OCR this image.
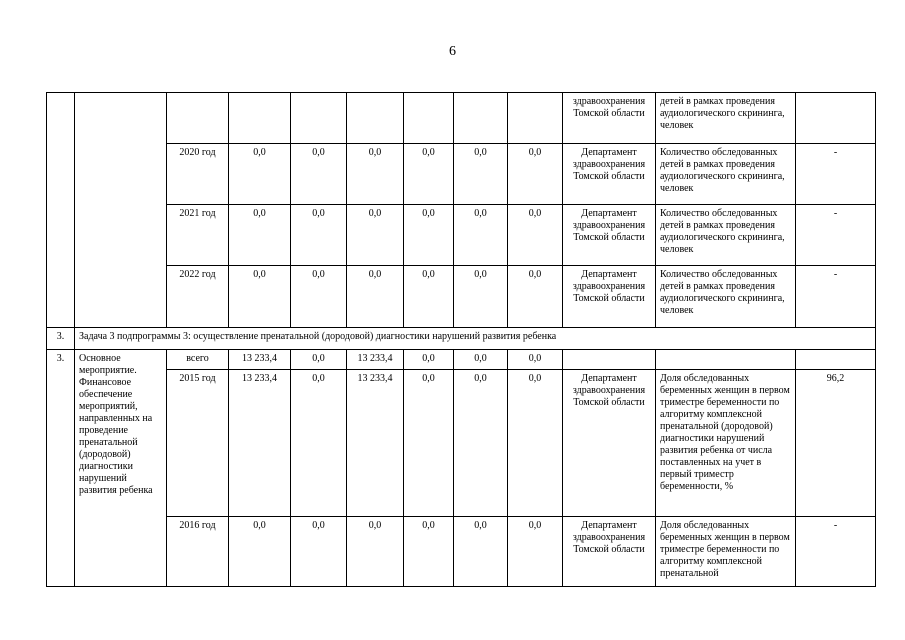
6
									здравоохранения Томской области	детей в рамках проведения аудиологического скрининга, человек	
		2020 год	0,0	0,0	0,0	0,0	0,0	0,0	Департамент здравоохранения Томской области	Количество обследованных детей в рамках проведения аудиологического скрининга, человек	-
		2021 год	0,0	0,0	0,0	0,0	0,0	0,0	Департамент здравоохранения Томской области	Количество обследованных детей в рамках проведения аудиологического скрининга, человек	-
		2022 год	0,0	0,0	0,0	0,0	0,0	0,0	Департамент здравоохранения Томской области	Количество обследованных детей в рамках проведения аудиологического скрининга, человек	-
3.	Задача 3 подпрограммы 3: осуществление пренатальной (дородовой) диагностики нарушений развития ребенка										
3.	Основное мероприятие. Финансовое обеспечение мероприятий, направленных на проведение пренатальной (дородовой) диагностики нарушений развития ребенка	всего	13 233,4	0,0	13 233,4	0,0	0,0	0,0			
		2015 год	13 233,4	0,0	13 233,4	0,0	0,0	0,0	Департамент здравоохранения Томской области	Доля обследованных беременных женщин в первом триместре беременности по алгоритму комплексной пренатальной (дородовой) диагностики нарушений развития ребенка от числа поставленных на учет в первый триместр беременности, %	96,2
		2016 год	0,0	0,0	0,0	0,0	0,0	0,0	Департамент здравоохранения Томской области	Доля обследованных беременных женщин в первом триместре беременности по алгоритму комплексной пренатальной	-
